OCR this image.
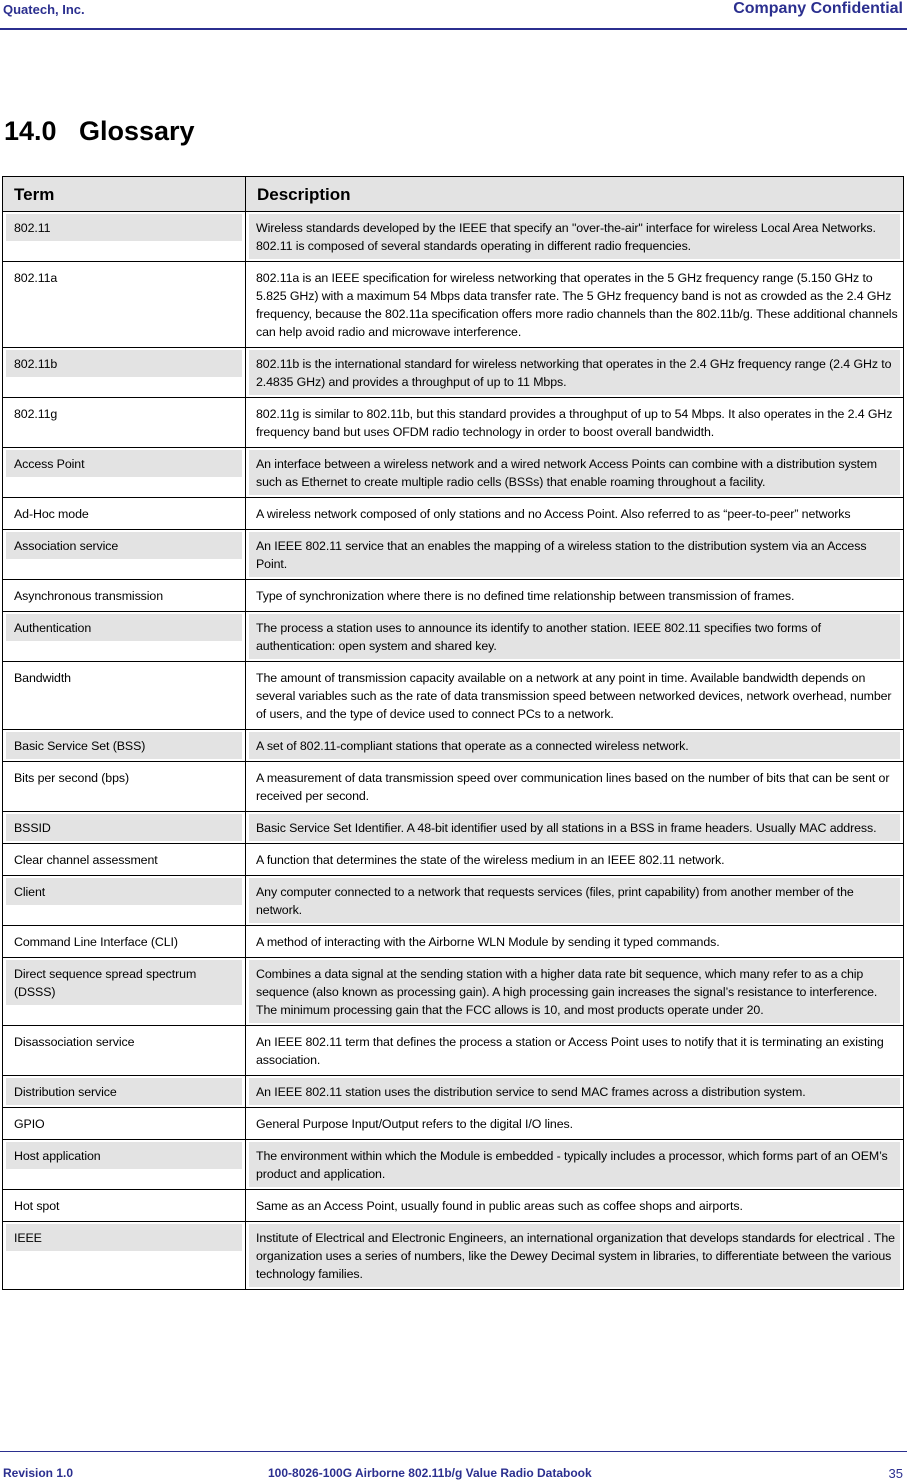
Quatech, Inc.	Company Confidential
14.0 Glossary
Term	Description

802.11	Wireless standards developed by the IEEE that specify an "over-the-air" interface for wireless Local Area Networks. 802.11 is composed of several standards operating in different radio frequencies.

802.11a	802.11a is an IEEE specification for wireless networking that operates in the 5 GHz frequency range (5.150 GHz to 5.825 GHz) with a maximum 54 Mbps data transfer rate. The 5 GHz frequency band is not as crowded as the 2.4 GHz frequency, because the 802.11a specification offers more radio channels than the 802.11b/g. These additional channels can help avoid radio and microwave interference.

802.11b	802.11b is the international standard for wireless networking that operates in the 2.4 GHz frequency range (2.4 GHz to 2.4835 GHz) and provides a throughput of up to 11 Mbps.

802.11g	802.11g is similar to 802.11b, but this standard provides a throughput of up to 54 Mbps. It also operates in the 2.4 GHz frequency band but uses OFDM radio technology in order to boost overall bandwidth.

Access Point	An interface between a wireless network and a wired network Access Points can combine with a distribution system such as Ethernet to create multiple radio cells (BSSs) that enable roaming throughout a facility.

Ad-Hoc mode	A wireless network composed of only stations and no Access Point. Also referred to as “peer-to-peer” networks

Association service	An IEEE 802.11 service that an enables the mapping of a wireless station to the distribution system via an Access Point.

Asynchronous transmission	Type of synchronization where there is no defined time relationship between transmission of frames.

Authentication	The process a station uses to announce its identify to another station. IEEE 802.11 specifies two forms of authentication: open system and shared key.

Bandwidth	The amount of transmission capacity available on a network at any point in time. Available bandwidth depends on several variables such as the rate of data transmission speed between networked devices, network overhead, number of users, and the type of device used to connect PCs to a network.

Basic Service Set (BSS)	A set of 802.11-compliant stations that operate as a connected wireless network.

Bits per second (bps)	A measurement of data transmission speed over communication lines based on the number of bits that can be sent or received per second.

BSSID	Basic Service Set Identifier. A 48-bit identifier used by all stations in a BSS in frame headers. Usually MAC address.

Clear channel assessment	A function that determines the state of the wireless medium in an IEEE 802.11 network.

Client	Any computer connected to a network that requests services (files, print capability) from another member of the network.

Command Line Interface (CLI)	A method of interacting with the Airborne WLN Module by sending it typed commands.

Direct sequence spread spectrum (DSSS)	Combines a data signal at the sending station with a higher data rate bit sequence, which many refer to as a chip sequence (also known as processing gain). A high processing gain increases the signal’s resistance to interference. The minimum processing gain that the FCC allows is 10, and most products operate under 20.

Disassociation service	An IEEE 802.11 term that defines the process a station or Access Point uses to notify that it is terminating an existing association.

Distribution service	An IEEE 802.11 station uses the distribution service to send MAC frames across a distribution system.

GPIO	General Purpose Input/Output refers to the digital I/O lines.

Host application	The environment within which the Module is embedded - typically includes a processor, which forms part of an OEM’s product and application.

Hot spot	Same as an Access Point, usually found in public areas such as coffee shops and airports.

IEEE	Institute of Electrical and Electronic Engineers, an international organization that develops standards for electrical . The organization uses a series of numbers, like the Dewey Decimal system in libraries, to differentiate between the various technology families.
Revision 1.0	100-8026-100G Airborne 802.11b/g Value Radio Databook	35
